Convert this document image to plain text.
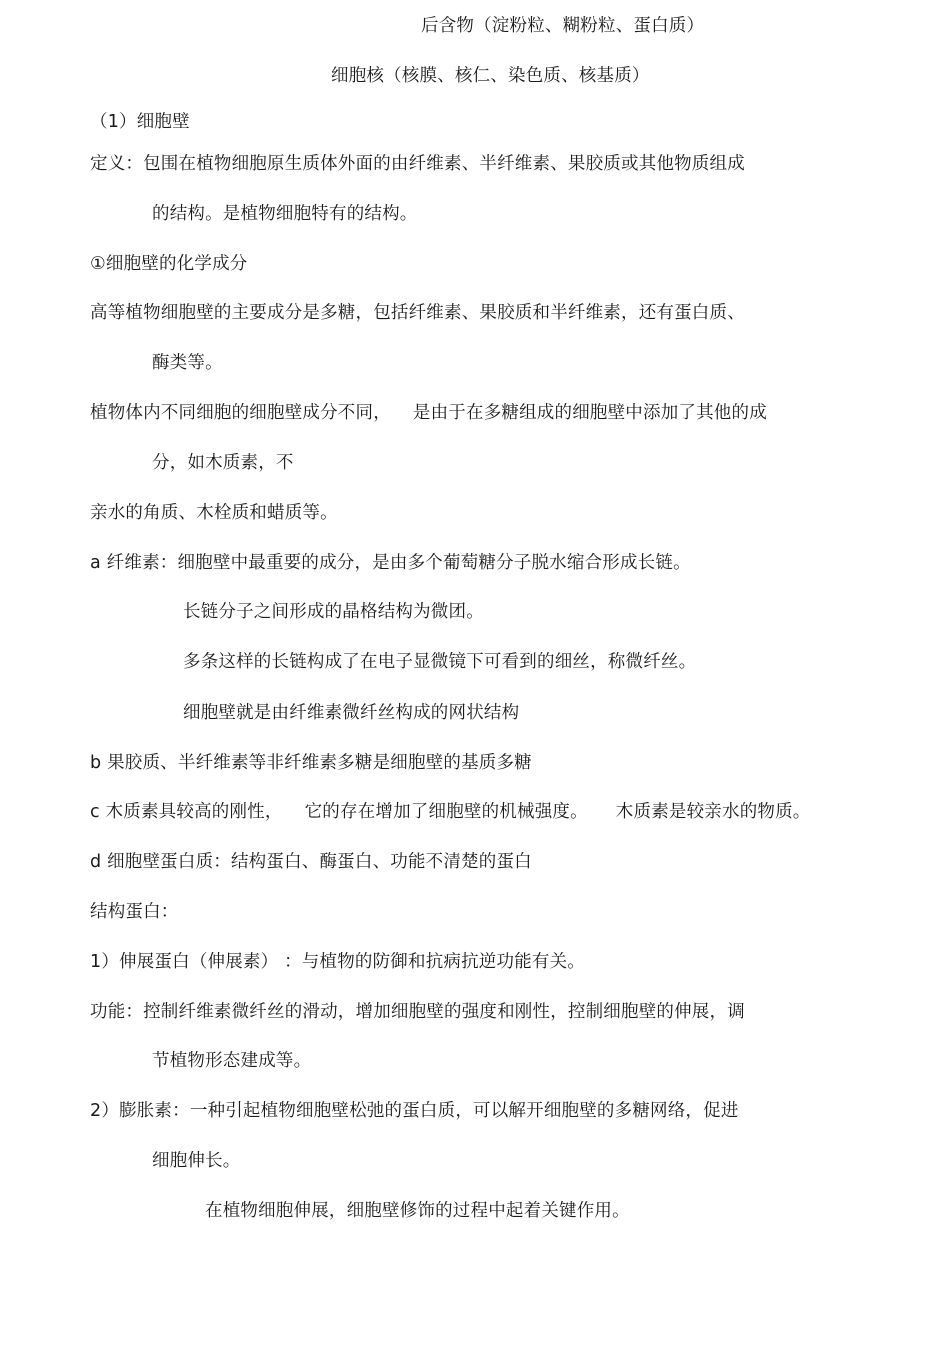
后含物（淀粉粒、糊粉粒、蛋白质）
细胞核（核膜、核仁、染色质、核基质）
（1）细胞壁
定义：包围在植物细胞原生质体外面的由纤维素、半纤维素、果胶质或其他物质组成
的结构。是植物细胞特有的结构。
①细胞壁的化学成分
高等植物细胞壁的主要成分是多糖，包括纤维素、果胶质和半纤维素，还有蛋白质、
酶类等。
植物体内不同细胞的细胞壁成分不同， 是由于在多糖组成的细胞壁中添加了其他的成
分，如木质素，不
亲水的角质、木栓质和蜡质等。
a 纤维素：细胞壁中最重要的成分，是由多个葡萄糖分子脱水缩合形成长链。
长链分子之间形成的晶格结构为微团。
多条这样的长链构成了在电子显微镜下可看到的细丝，称微纤丝。
细胞壁就是由纤维素微纤丝构成的网状结构
b 果胶质、半纤维素等非纤维素多糖是细胞壁的基质多糖
c 木质素具较高的刚性， 它的存在增加了细胞壁的机械强度。 木质素是较亲水的物质。
d 细胞壁蛋白质：结构蛋白、酶蛋白、功能不清楚的蛋白
结构蛋白：
1）伸展蛋白（伸展素） ：与植物的防御和抗病抗逆功能有关。
功能：控制纤维素微纤丝的滑动，增加细胞壁的强度和刚性，控制细胞壁的伸展，调
节植物形态建成等。
2）膨胀素：一种引起植物细胞壁松弛的蛋白质，可以解开细胞壁的多糖网络，促进
细胞伸长。
在植物细胞伸展，细胞壁修饰的过程中起着关键作用。
